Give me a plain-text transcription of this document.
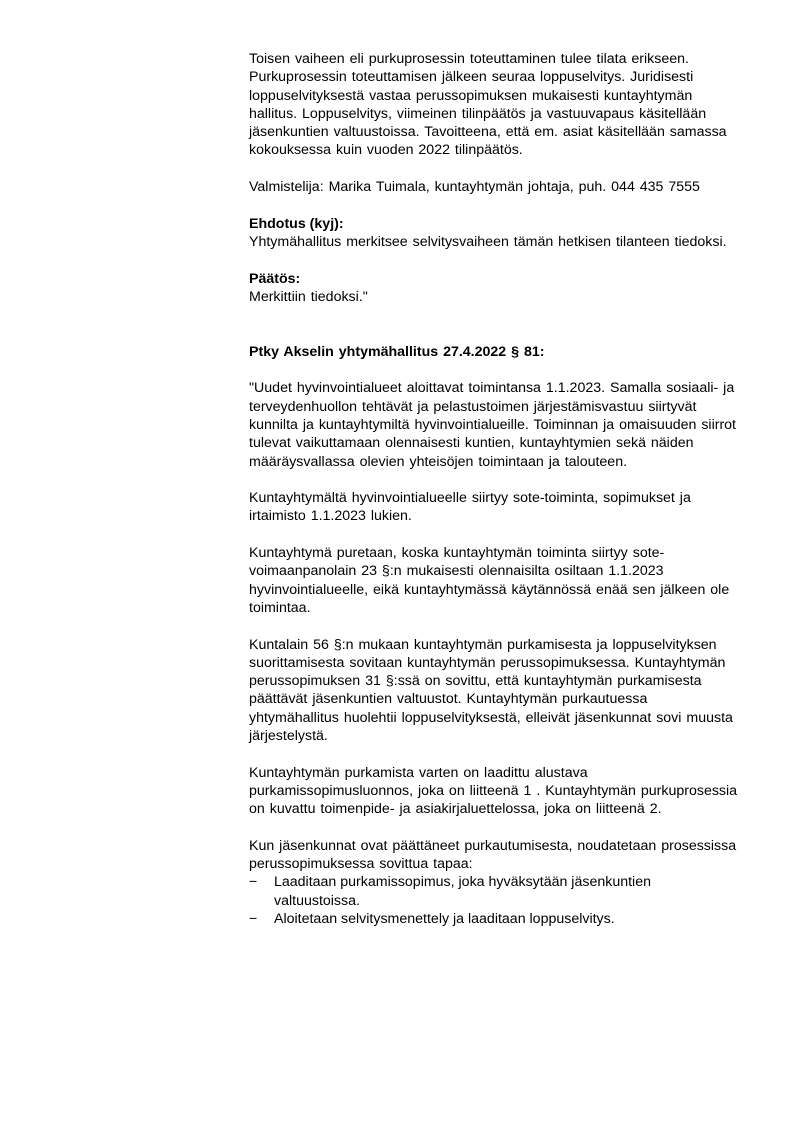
Toisen vaiheen eli purkuprosessin toteuttaminen tulee tilata erikseen. Purkuprosessin toteuttamisen jälkeen seuraa loppuselvitys. Juridisesti loppuselvityksestä vastaa perussopimuksen mukaisesti kuntayhtymän hallitus. Loppuselvitys, viimeinen tilinpäätös ja vastuuvapaus käsitellään jäsenkuntien valtuustoissa. Tavoitteena, että em. asiat käsitellään samassa kokouksessa kuin vuoden 2022 tilinpäätös.

Valmistelija: Marika Tuimala, kuntayhtymän johtaja, puh. 044 435 7555

Ehdotus (kyj):

Yhtymähallitus merkitsee selvitysvaiheen tämän hetkisen tilanteen tiedoksi.

Päätös:

Merkittiin tiedoksi."

Ptky Akselin yhtymähallitus 27.4.2022 § 81:

"Uudet hyvinvointialueet aloittavat toimintansa 1.1.2023. Samalla sosiaali- ja terveydenhuollon tehtävät ja pelastustoimen järjestämisvastuu siirtyvät kunnilta ja kuntayhtymiltä hyvinvointialueille. Toiminnan ja omaisuuden siirrot tulevat vaikuttamaan olennaisesti kuntien, kuntayhtymien sekä näiden määräysvallassa olevien yhteisöjen toimintaan ja talouteen.

Kuntayhtymältä hyvinvointialueelle siirtyy sote-toiminta, sopimukset ja irtaimisto 1.1.2023 lukien.

Kuntayhtymä puretaan, koska kuntayhtymän toiminta siirtyy sote-voimaanpanolain 23 §:n mukaisesti olennaisilta osiltaan 1.1.2023 hyvinvointialueelle, eikä kuntayhtymässä käytännössä enää sen jälkeen ole toimintaa.

Kuntalain 56 §:n mukaan kuntayhtymän purkamisesta ja loppuselvityksen suorittamisesta sovitaan kuntayhtymän perussopimuksessa. Kuntayhtymän perussopimuksen 31 §:ssä on sovittu, että kuntayhtymän purkamisesta päättävät jäsenkuntien valtuustot. Kuntayhtymän purkautuessa yhtymähallitus huolehtii loppuselvityksestä, elleivät jäsenkunnat sovi muusta järjestelystä.

Kuntayhtymän purkamista varten on laadittu alustava purkamissopimusluonnos, joka on liitteenä 1 . Kuntayhtymän purkuprosessia on kuvattu toimenpide- ja asiakirjaluettelossa, joka on liitteenä 2.

Kun jäsenkunnat ovat päättäneet purkautumisesta, noudatetaan prosessissa perussopimuksessa sovittua tapaa:

− Laaditaan purkamissopimus, joka hyväksytään jäsenkuntien valtuustoissa.
− Aloitetaan selvitysmenettely ja laaditaan loppuselvitys.
